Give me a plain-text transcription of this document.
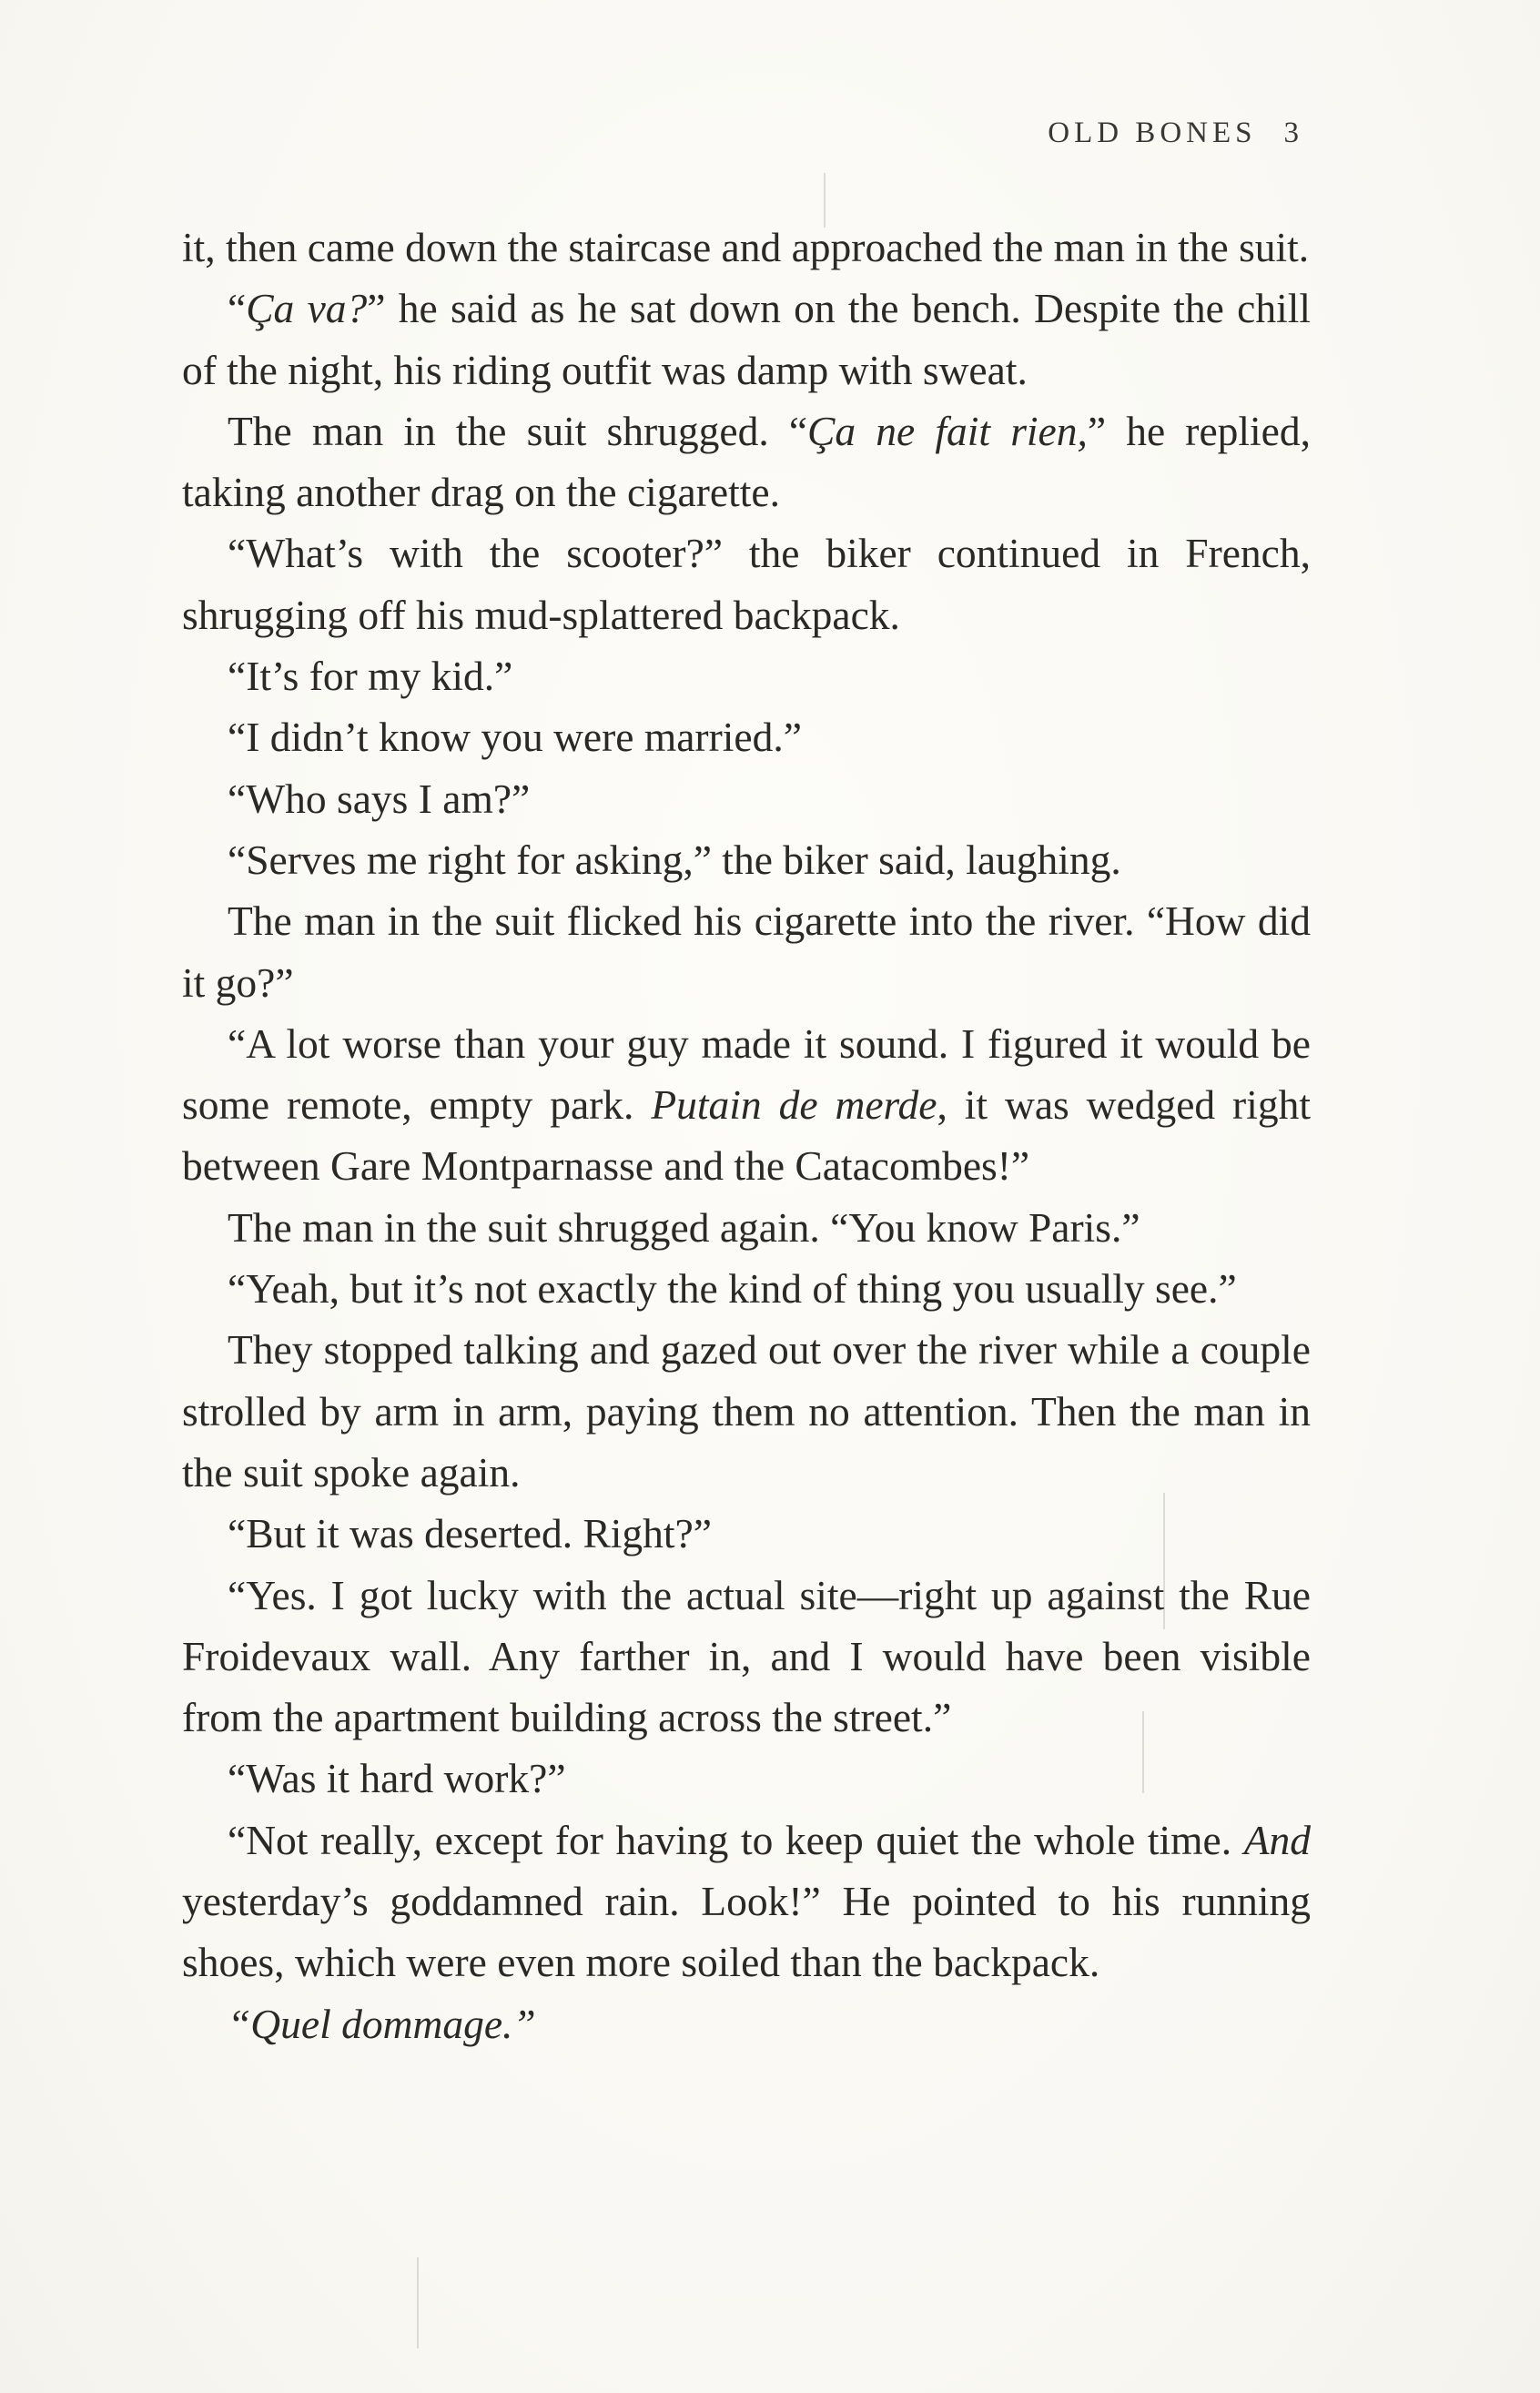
OLD BONES 3

it, then came down the staircase and approached the man in the suit.

“Ça va?” he said as he sat down on the bench. Despite the chill of the night, his riding outfit was damp with sweat.

The man in the suit shrugged. “Ça ne fait rien,” he replied, taking another drag on the cigarette.

“What’s with the scooter?” the biker continued in French, shrugging off his mud-splattered backpack.

“It’s for my kid.”

“I didn’t know you were married.”

“Who says I am?”

“Serves me right for asking,” the biker said, laughing.

The man in the suit flicked his cigarette into the river. “How did it go?”

“A lot worse than your guy made it sound. I figured it would be some remote, empty park. Putain de merde, it was wedged right between Gare Montparnasse and the Catacombes!”

The man in the suit shrugged again. “You know Paris.”

“Yeah, but it’s not exactly the kind of thing you usually see.”

They stopped talking and gazed out over the river while a couple strolled by arm in arm, paying them no attention. Then the man in the suit spoke again.

“But it was deserted. Right?”

“Yes. I got lucky with the actual site—right up against the Rue Froidevaux wall. Any farther in, and I would have been visible from the apartment building across the street.”

“Was it hard work?”

“Not really, except for having to keep quiet the whole time. And yesterday’s goddamned rain. Look!” He pointed to his running shoes, which were even more soiled than the backpack.

“Quel dommage.”
